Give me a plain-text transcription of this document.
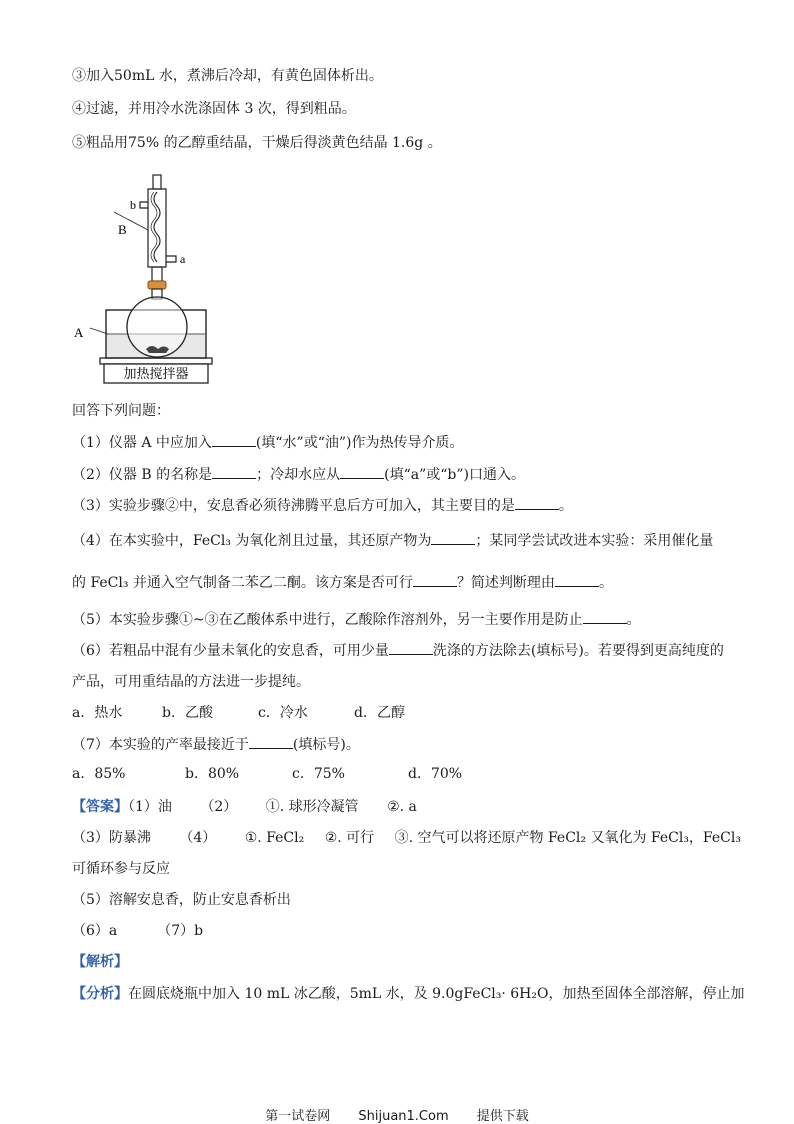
③加入50mL 水，煮沸后冷却，有黄色固体析出。
④过滤，并用冷水洗涤固体 3 次，得到粗品。
⑤粗品用75% 的乙醇重结晶，干燥后得淡黄色结晶 1.6g 。
b
B
a
A
加热搅拌器
回答下列问题：
（1）仪器 A 中应加入	(填“水”或“油”)作为热传导介质。
（2）仪器 B 的名称是	；冷却水应从	(填“a”或“b”)口通入。
（3）实验步骤②中，安息香必须待沸腾平息后方可加入，其主要目的是	。
（4）在本实验中，FeCl₃ 为氧化剂且过量，其还原产物为	；某同学尝试改进本实验：采用催化量
的 FeCl₃ 并通入空气制备二苯乙二酮。该方案是否可行	？简述判断理由	。
（5）本实验步骤①~③在乙酸体系中进行，乙酸除作溶剂外，另一主要作用是防止	。
（6）若粗品中混有少量未氧化的安息香，可用少量	洗涤的方法除去(填标号)。若要得到更高纯度的
产品，可用重结晶的方法进一步提纯。
a．热水	b．乙酸	c．冷水	d．乙醇
（7）本实验的产率最接近于	(填标号)。
a．85%	b．80%	c．75%	d．70%
【答案】（1）油 （2） ①. 球形冷凝管 ②. a
（3）防暴沸 （4） ①. FeCl₂ ②. 可行 ③. 空气可以将还原产物 FeCl₂ 又氧化为 FeCl₃，FeCl₃
可循环参与反应
（5）溶解安息香，防止安息香析出
（6）a	（7）b
【解析】
【分析】在圆底烧瓶中加入 10 mL 冰乙酸，5mL 水，及 9.0gFeCl₃· 6H₂O，加热至固体全部溶解，停止加
第一试卷网 Shijuan1.Com 提供下载
